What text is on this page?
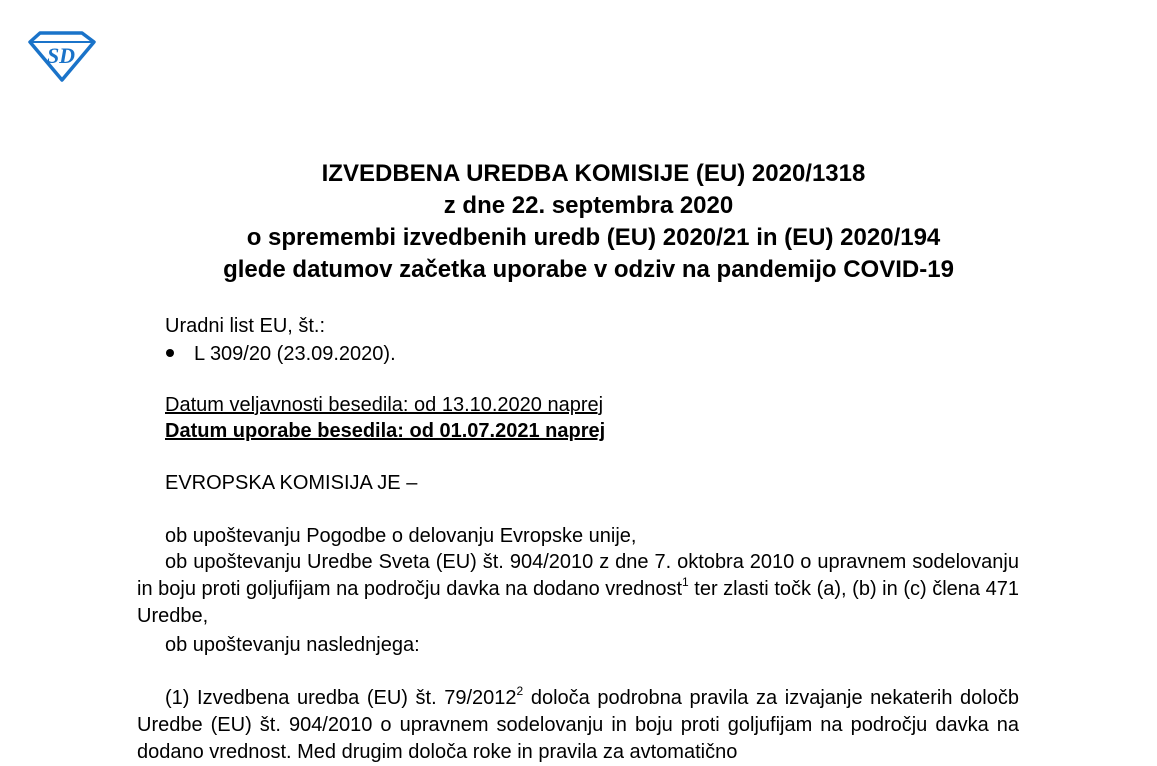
SD
IZVEDBENA UREDBA KOMISIJE (EU) 2020/1318
z dne 22. septembra 2020
o spremembi izvedbenih uredb (EU) 2020/21 in (EU) 2020/194
glede datumov začetka uporabe v odziv na pandemijo COVID-19
Uradni list EU, št.:
L 309/20 (23.09.2020).
Datum veljavnosti besedila: od 13.10.2020 naprej
Datum uporabe besedila: od 01.07.2021 naprej
EVROPSKA KOMISIJA JE –
ob upoštevanju Pogodbe o delovanju Evropske unije,
ob upoštevanju Uredbe Sveta (EU) št. 904/2010 z dne 7. oktobra 2010 o upravnem sodelovanju in boju proti goljufijam na področju davka na dodano vrednost$^1$ ter zlasti točk (a), (b) in (c) člena 471 Uredbe,
ob upoštevanju naslednjega:
(1) Izvedbena uredba (EU) št. 79/2012$^2$ določa podrobna pravila za izvajanje nekaterih določb Uredbe (EU) št. 904/2010 o upravnem sodelovanju in boju proti goljufijam na področju davka na dodano vrednost. Med drugim določa roke in pravila za avtomatično
